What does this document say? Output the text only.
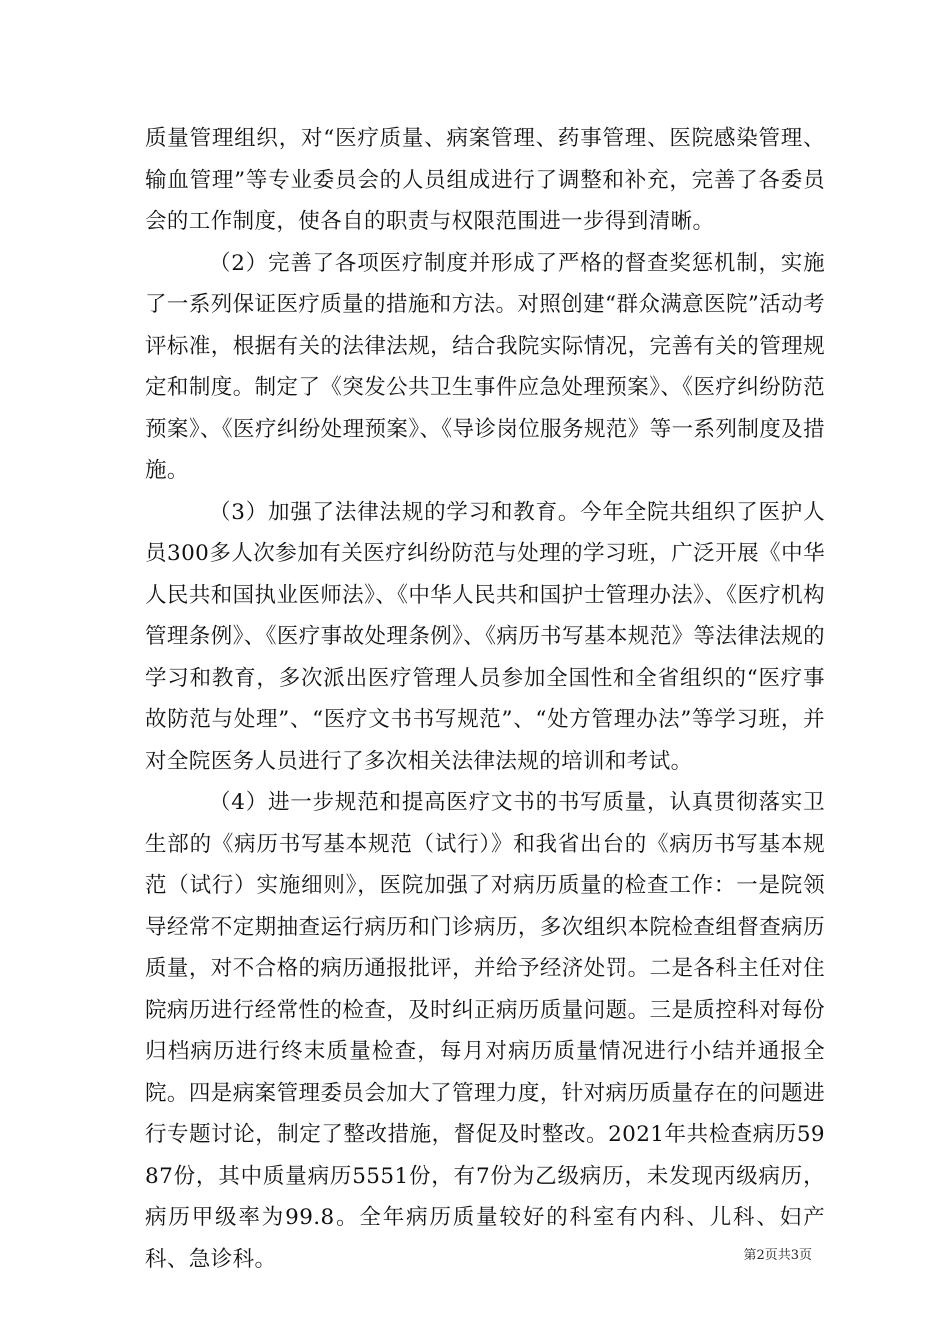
质量管理组织，对“医疗质量、病案管理、药事管理、医院感染管理、输血管理”等专业委员会的人员组成进行了调整和补充，完善了各委员会的工作制度，使各自的职责与权限范围进一步得到清晰。

（2）完善了各项医疗制度并形成了严格的督查奖惩机制，实施了一系列保证医疗质量的措施和方法。对照创建“群众满意医院”活动考评标准，根据有关的法律法规，结合我院实际情况，完善有关的管理规定和制度。制定了《突发公共卫生事件应急处理预案》、《医疗纠纷防范预案》、《医疗纠纷处理预案》、《导诊岗位服务规范》等一系列制度及措施。

（3）加强了法律法规的学习和教育。今年全院共组织了医护人员300多人次参加有关医疗纠纷防范与处理的学习班，广泛开展《中华人民共和国执业医师法》、《中华人民共和国护士管理办法》、《医疗机构管理条例》、《医疗事故处理条例》、《病历书写基本规范》等法律法规的学习和教育，多次派出医疗管理人员参加全国性和全省组织的“医疗事故防范与处理”、“医疗文书书写规范”、“处方管理办法”等学习班，并对全院医务人员进行了多次相关法律法规的培训和考试。

（4）进一步规范和提高医疗文书的书写质量，认真贯彻落实卫生部的《病历书写基本规范（试行）》和我省出台的《病历书写基本规范（试行）实施细则》，医院加强了对病历质量的检查工作：一是院领导经常不定期抽查运行病历和门诊病历，多次组织本院检查组督查病历质量，对不合格的病历通报批评，并给予经济处罚。二是各科主任对住院病历进行经常性的检查，及时纠正病历质量问题。三是质控科对每份归档病历进行终末质量检查，每月对病历质量情况进行小结并通报全院。四是病案管理委员会加大了管理力度，针对病历质量存在的问题进行专题讨论，制定了整改措施，督促及时整改。2021年共检查病历5987份，其中质量病历5551份，有7份为乙级病历，未发现丙级病历，病历甲级率为99.8。全年病历质量较好的科室有内科、儿科、妇产科、急诊科。	第2页共3页
